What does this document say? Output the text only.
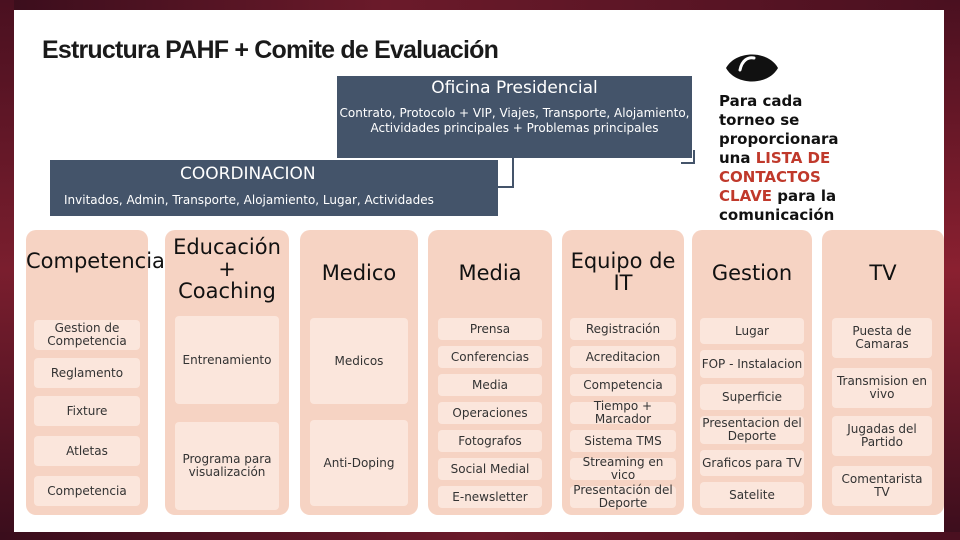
Estructura PAHF + Comite de Evaluación
Oficina Presidencial
Contrato, Protocolo + VIP, Viajes, Transporte, Alojamiento, Actividades principales + Problemas principales
COORDINACION
Invitados, Admin, Transporte, Alojamiento, Lugar, Actividades
Para cada torneo se proporcionara una LISTA DE CONTACTOS CLAVE para la comunicación
Competencia
Gestion de Competencia
Reglamento
Fixture
Atletas
Competencia
Educación + Coaching
Entrenamiento
Programa para visualización
Medico
Medicos
Anti-Doping
Media
Prensa
Conferencias
Media
Operaciones
Fotografos
Social Medial
E-newsletter
Equipo de IT
Registración
Acreditacion
Competencia
Tiempo + Marcador
Sistema TMS
Streaming en vico
Presentación del Deporte
Gestion
Lugar
FOP - Instalacion
Superficie
Presentacion del Deporte
Graficos para TV
Satelite
TV
Puesta de Camaras
Transmision en vivo
Jugadas del Partido
Comentarista TV
